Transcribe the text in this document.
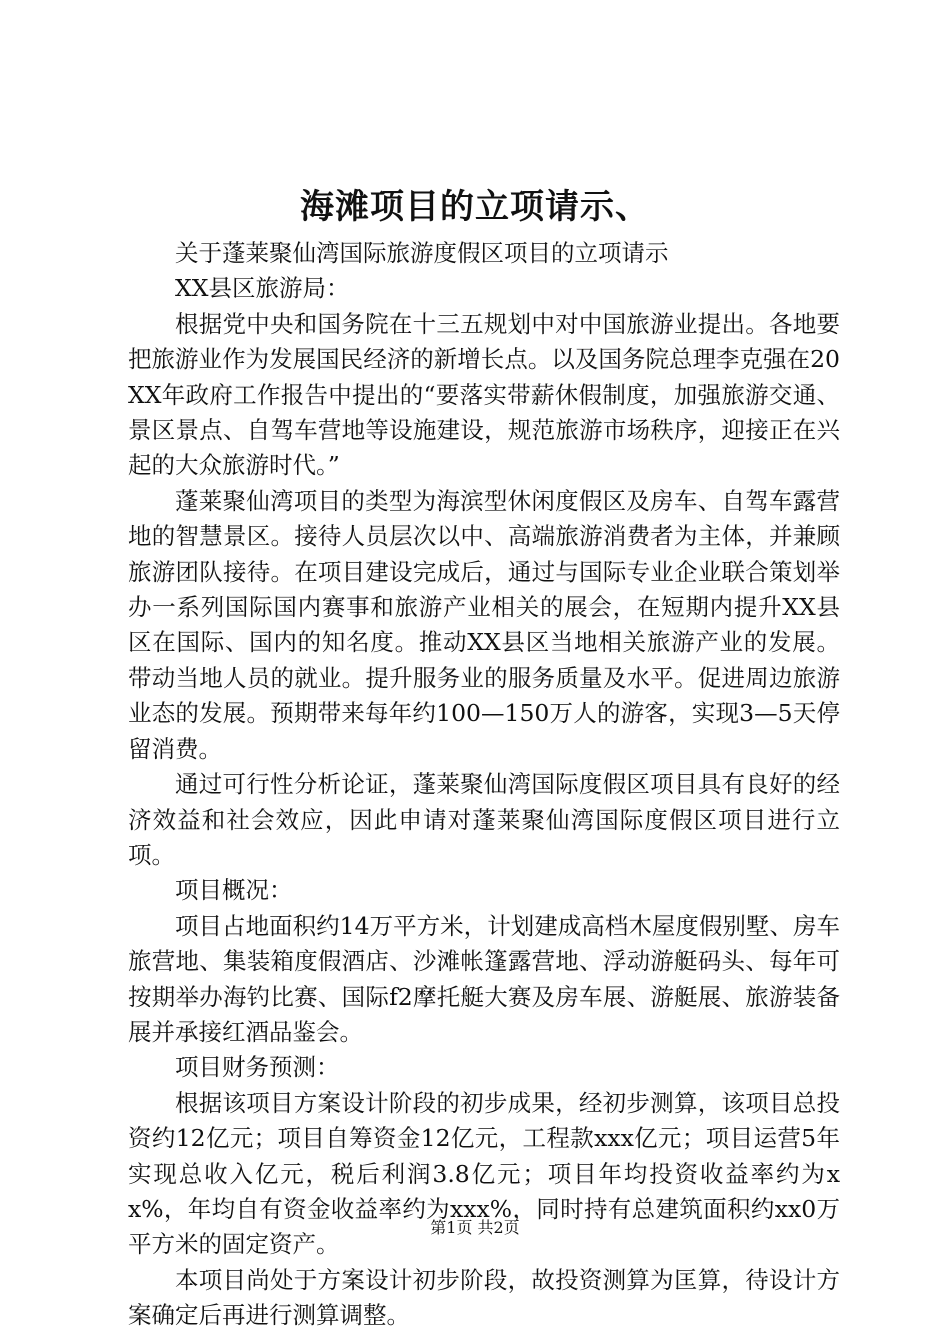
海滩项目的立项请示、

关于蓬莱聚仙湾国际旅游度假区项目的立项请示

XX县区旅游局：

根据党中央和国务院在十三五规划中对中国旅游业提出。各地要把旅游业作为发展国民经济的新增长点。以及国务院总理李克强在20XX年政府工作报告中提出的“要落实带薪休假制度，加强旅游交通、景区景点、自驾车营地等设施建设，规范旅游市场秩序，迎接正在兴起的大众旅游时代。”

蓬莱聚仙湾项目的类型为海滨型休闲度假区及房车、自驾车露营地的智慧景区。接待人员层次以中、高端旅游消费者为主体，并兼顾旅游团队接待。在项目建设完成后，通过与国际专业企业联合策划举办一系列国际国内赛事和旅游产业相关的展会，在短期内提升XX县区在国际、国内的知名度。推动XX县区当地相关旅游产业的发展。带动当地人员的就业。提升服务业的服务质量及水平。促进周边旅游业态的发展。预期带来每年约100—150万人的游客，实现3—5天停留消费。

通过可行性分析论证，蓬莱聚仙湾国际度假区项目具有良好的经济效益和社会效应，因此申请对蓬莱聚仙湾国际度假区项目进行立项。

项目概况：

项目占地面积约14万平方米，计划建成高档木屋度假别墅、房车旅营地、集装箱度假酒店、沙滩帐篷露营地、浮动游艇码头、每年可按期举办海钓比赛、国际f2摩托艇大赛及房车展、游艇展、旅游装备展并承接红酒品鉴会。

项目财务预测：

根据该项目方案设计阶段的初步成果，经初步测算，该项目总投资约12亿元；项目自筹资金12亿元，工程款xxx亿元；项目运营5年实现总收入亿元，税后利润3.8亿元；项目年均投资收益率约为xx%，年均自有资金收益率约为xxx%，同时持有总建筑面积约xx0万平方米的固定资产。

本项目尚处于方案设计初步阶段，故投资测算为匡算，待设计方案确定后再进行测算调整。

第1页 共2页
